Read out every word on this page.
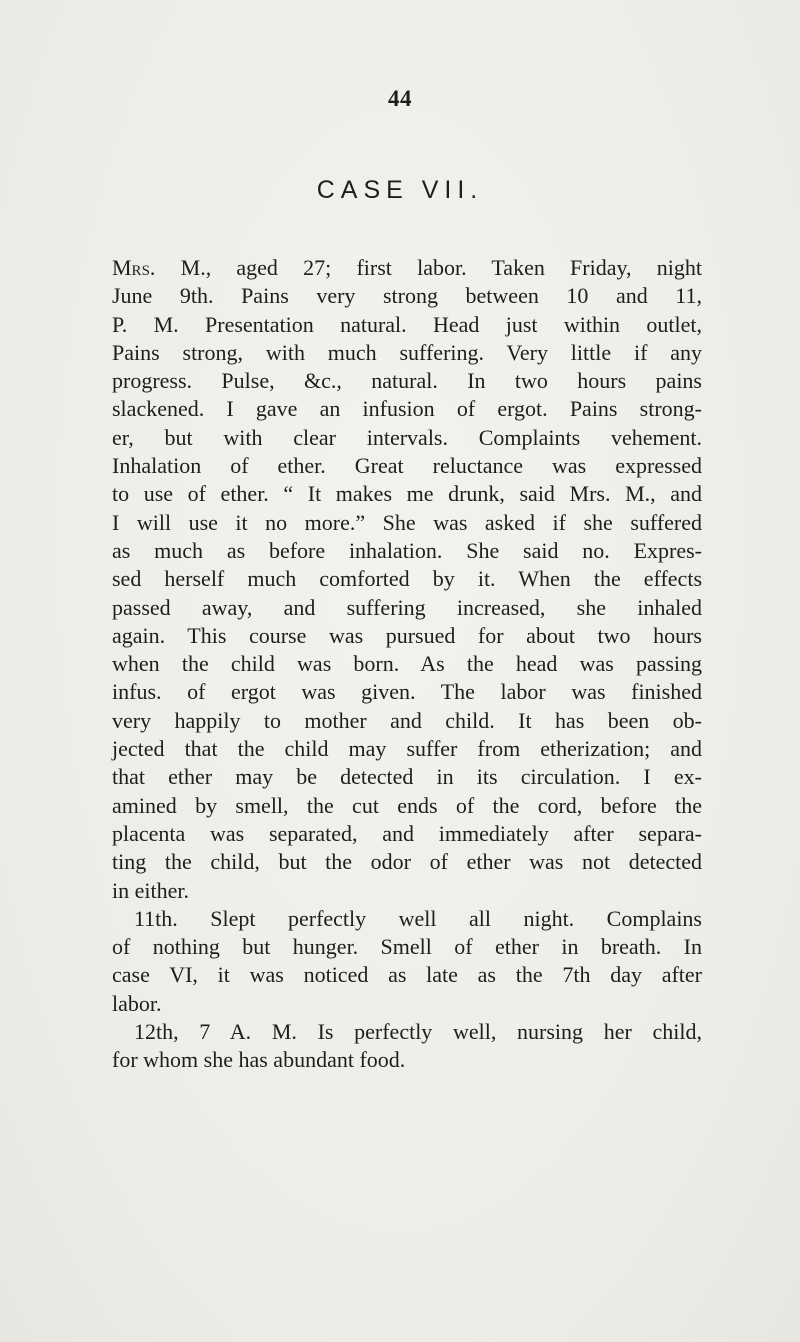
44
CASE VII.
Mrs. M., aged 27; first labor. Taken Friday, night
June 9th. Pains very strong between 10 and 11,
P. M. Presentation natural. Head just within outlet,
Pains strong, with much suffering. Very little if any
progress. Pulse, &c., natural. In two hours pains
slackened. I gave an infusion of ergot. Pains strong-
er, but with clear intervals. Complaints vehement.
Inhalation of ether. Great reluctance was expressed
to use of ether. “ It makes me drunk, said Mrs. M., and
I will use it no more.” She was asked if she suffered
as much as before inhalation. She said no. Expres-
sed herself much comforted by it. When the effects
passed away, and suffering increased, she inhaled
again. This course was pursued for about two hours
when the child was born. As the head was passing
infus. of ergot was given. The labor was finished
very happily to mother and child. It has been ob-
jected that the child may suffer from etherization; and
that ether may be detected in its circulation. I ex-
amined by smell, the cut ends of the cord, before the
placenta was separated, and immediately after separa-
ting the child, but the odor of ether was not detected
in either.
11th. Slept perfectly well all night. Complains
of nothing but hunger. Smell of ether in breath. In
case VI, it was noticed as late as the 7th day after
labor.
12th, 7 A. M. Is perfectly well, nursing her child,
for whom she has abundant food.
